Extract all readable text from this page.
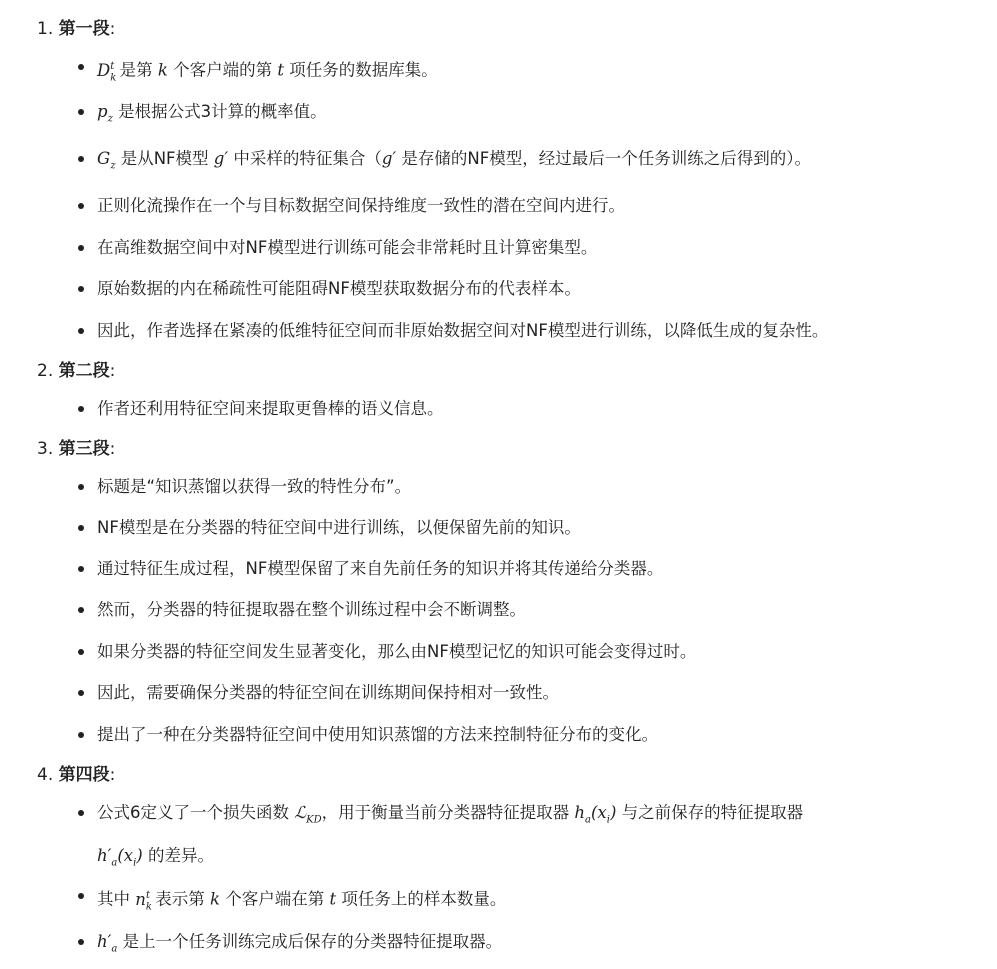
1. 第一段:
$D_k^t$ 是第 k 个客户端的第 t 项任务的数据库集。
$p_z$ 是根据公式3计算的概率值。
$G_z$ 是从NF模型 g′ 中采样的特征集合（g′ 是存储的NF模型，经过最后一个任务训练之后得到的）。
正则化流操作在一个与目标数据空间保持维度一致性的潜在空间内进行。
在高维数据空间中对NF模型进行训练可能会非常耗时且计算密集型。
原始数据的内在稀疏性可能阻碍NF模型获取数据分布的代表样本。
因此，作者选择在紧凑的低维特征空间而非原始数据空间对NF模型进行训练，以降低生成的复杂性。
2. 第二段:
作者还利用特征空间来提取更鲁棒的语义信息。
3. 第三段:
标题是“知识蒸馏以获得一致的特性分布”。
NF模型是在分类器的特征空间中进行训练，以便保留先前的知识。
通过特征生成过程，NF模型保留了来自先前任务的知识并将其传递给分类器。
然而，分类器的特征提取器在整个训练过程中会不断调整。
如果分类器的特征空间发生显著变化，那么由NF模型记忆的知识可能会变得过时。
因此，需要确保分类器的特征空间在训练期间保持相对一致性。
提出了一种在分类器特征空间中使用知识蒸馏的方法来控制特征分布的变化。
4. 第四段:
公式6定义了一个损失函数 ℒ$_{KD}$，用于衡量当前分类器特征提取器 $h_a(x_i)$ 与之前保存的特征提取器
$h'_a(x_i)$ 的差异。
其中 $n_k^t$ 表示第 k 个客户端在第 t 项任务上的样本数量。
$h'_a$ 是上一个任务训练完成后保存的分类器特征提取器。
